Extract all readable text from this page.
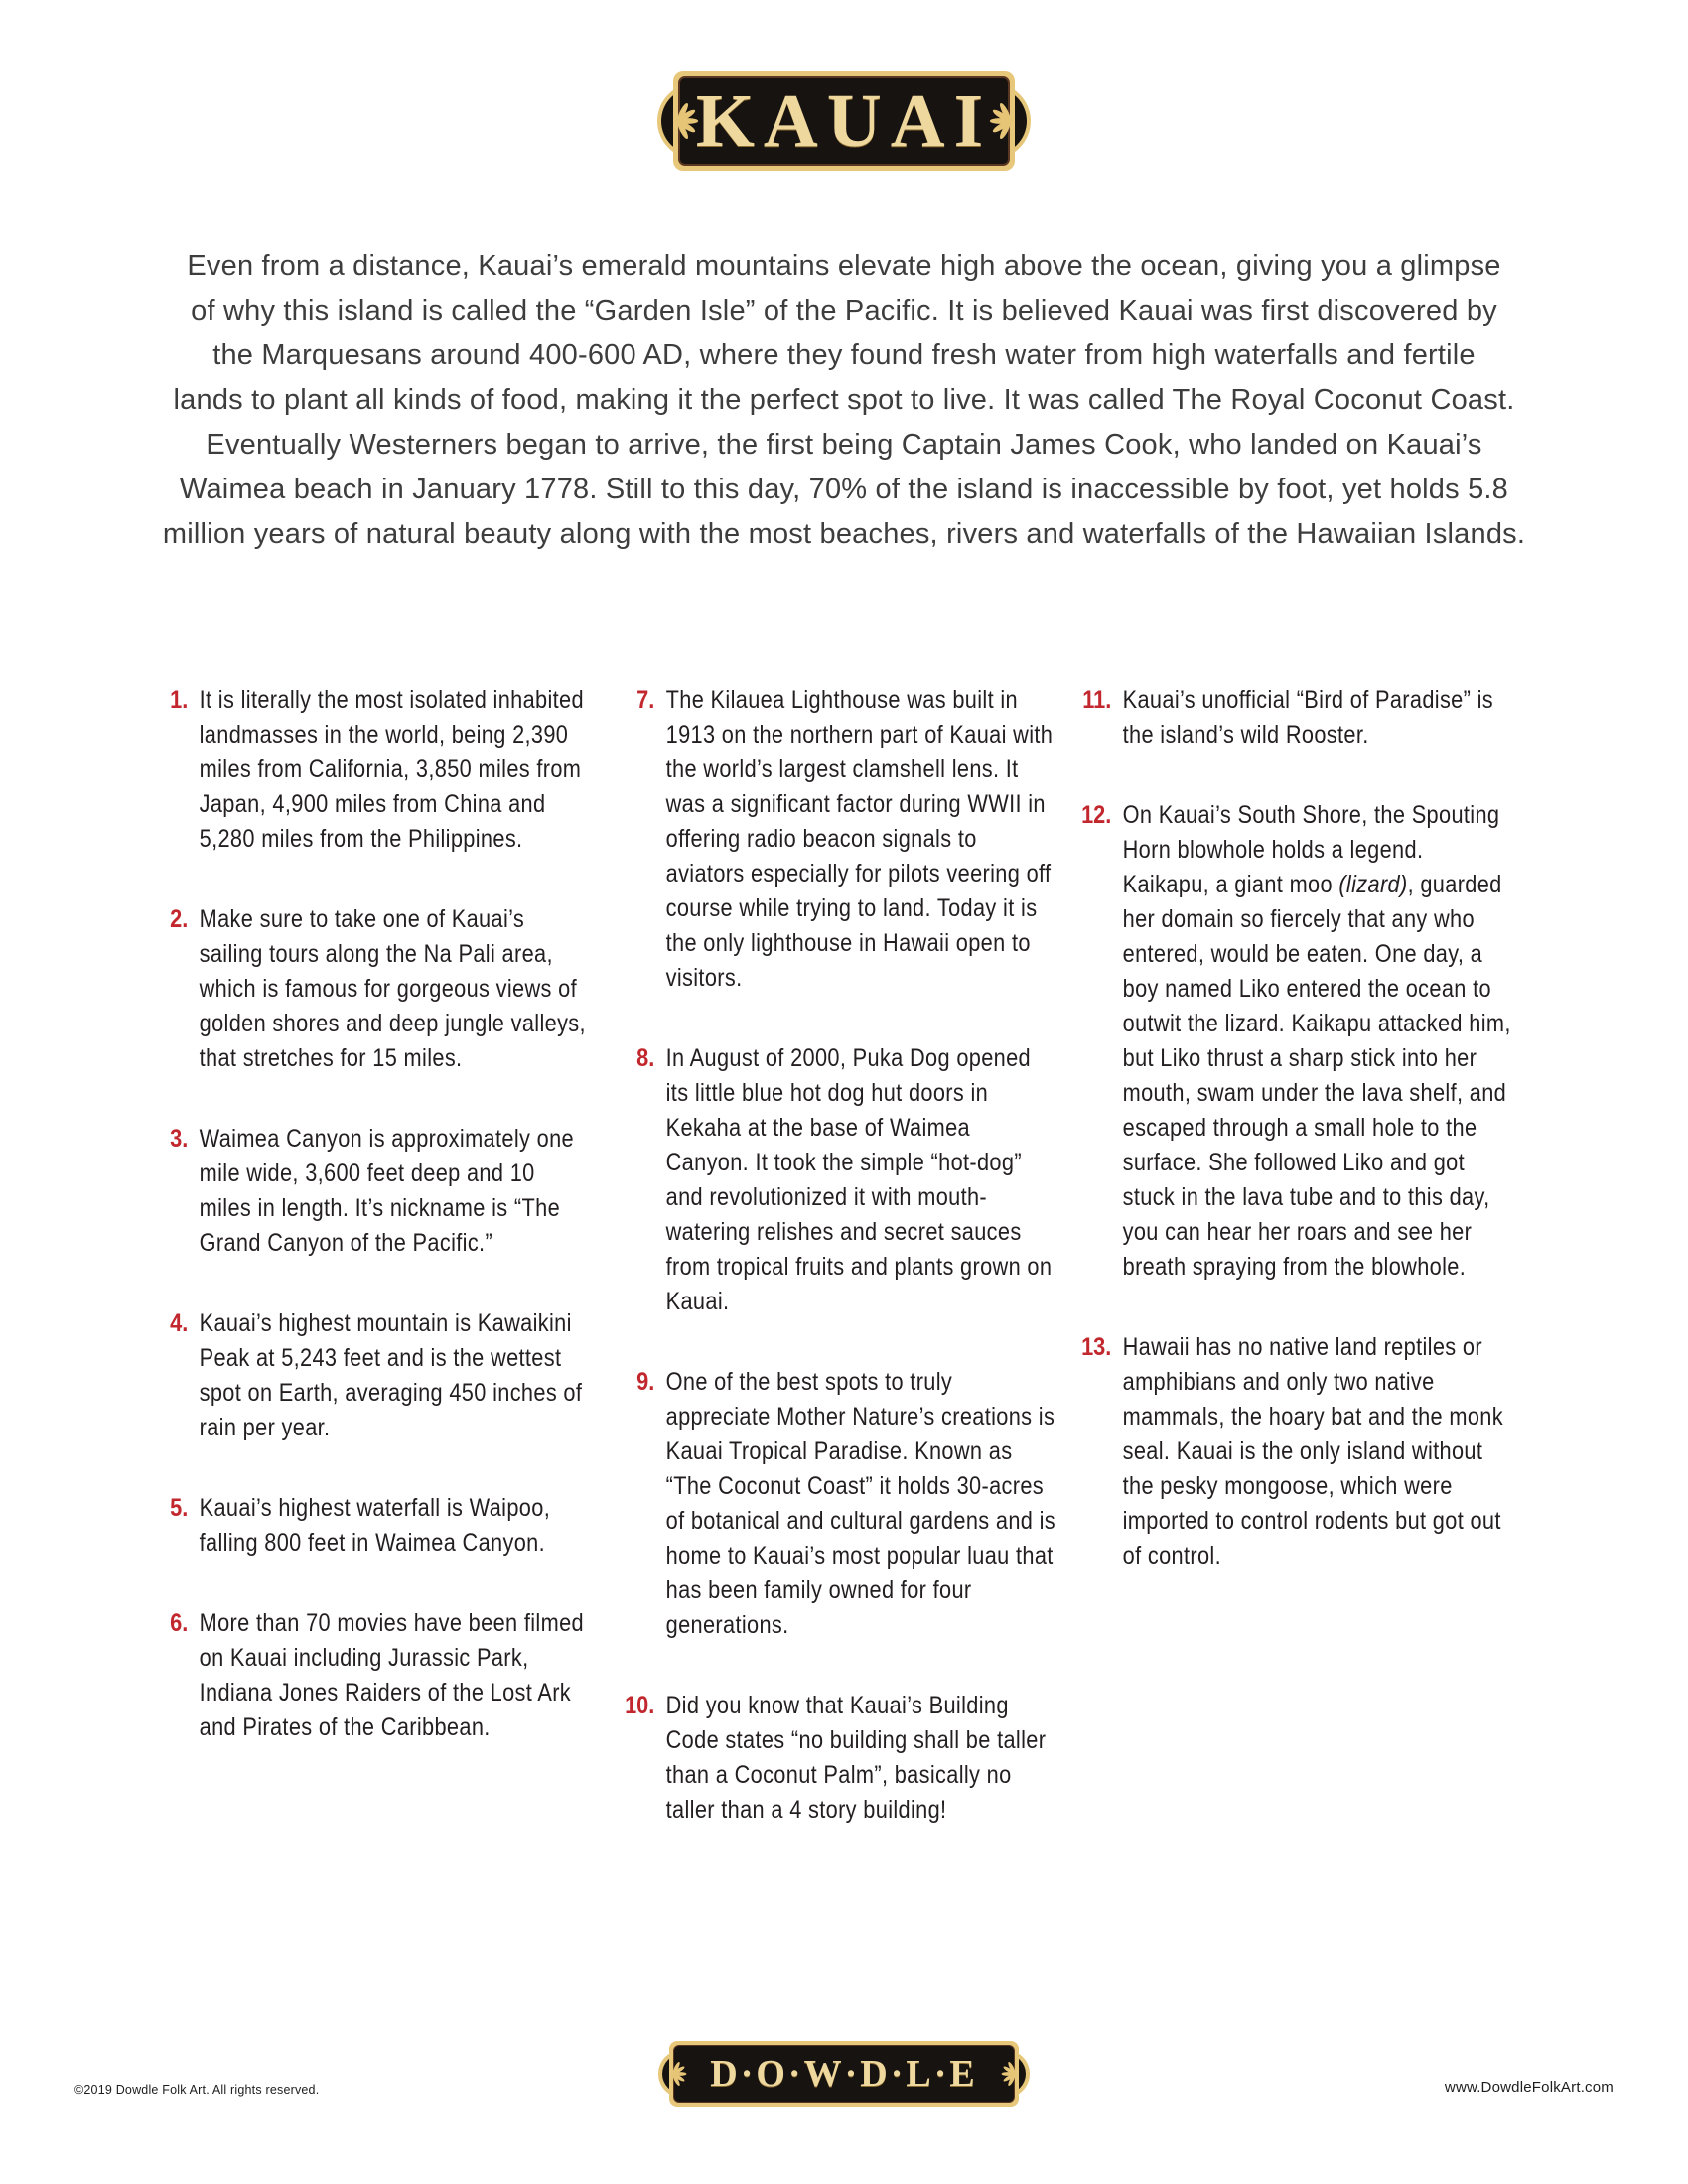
KAUAI
Even from a distance, Kauai’s emerald mountains elevate high above the ocean, giving you a glimpse
of why this island is called the “Garden Isle” of the Pacific. It is believed Kauai was first discovered by
the Marquesans around 400-600 AD, where they found fresh water from high waterfalls and fertile
lands to plant all kinds of food, making it the perfect spot to live. It was called The Royal Coconut Coast.
Eventually Westerners began to arrive, the first being Captain James Cook, who landed on Kauai’s
Waimea beach in January 1778. Still to this day, 70% of the island is inaccessible by foot, yet holds 5.8
million years of natural beauty along with the most beaches, rivers and waterfalls of the Hawaiian Islands.
1. It is literally the most isolated inhabited landmasses in the world, being 2,390 miles from California, 3,850 miles from Japan, 4,900 miles from China and 5,280 miles from the Philippines.
2. Make sure to take one of Kauai’s sailing tours along the Na Pali area, which is famous for gorgeous views of golden shores and deep jungle valleys, that stretches for 15 miles.
3. Waimea Canyon is approximately one mile wide, 3,600 feet deep and 10 miles in length. It’s nickname is “The Grand Canyon of the Pacific.”
4. Kauai’s highest mountain is Kawaikini Peak at 5,243 feet and is the wettest spot on Earth, averaging 450 inches of rain per year.
5. Kauai’s highest waterfall is Waipoo, falling 800 feet in Waimea Canyon.
6. More than 70 movies have been filmed on Kauai including Jurassic Park, Indiana Jones Raiders of the Lost Ark and Pirates of the Caribbean.
7. The Kilauea Lighthouse was built in 1913 on the northern part of Kauai with the world’s largest clamshell lens. It was a significant factor during WWII in offering radio beacon signals to aviators especially for pilots veering off course while trying to land. Today it is the only lighthouse in Hawaii open to visitors.
8. In August of 2000, Puka Dog opened its little blue hot dog hut doors in Kekaha at the base of Waimea Canyon. It took the simple “hot-dog” and revolutionized it with mouth-watering relishes and secret sauces from tropical fruits and plants grown on Kauai.
9. One of the best spots to truly appreciate Mother Nature’s creations is Kauai Tropical Paradise. Known as “The Coconut Coast” it holds 30-acres of botanical and cultural gardens and is home to Kauai’s most popular luau that has been family owned for four generations.
10. Did you know that Kauai’s Building Code states “no building shall be taller than a Coconut Palm”, basically no taller than a 4 story building!
11. Kauai’s unofficial “Bird of Paradise” is the island’s wild Rooster.
12. On Kauai’s South Shore, the Spouting Horn blowhole holds a legend. Kaikapu, a giant moo (lizard), guarded her domain so fiercely that any who entered, would be eaten. One day, a boy named Liko entered the ocean to outwit the lizard. Kaikapu attacked him, but Liko thrust a sharp stick into her mouth, swam under the lava shelf, and escaped through a small hole to the surface. She followed Liko and got stuck in the lava tube and to this day, you can hear her roars and see her breath spraying from the blowhole.
13. Hawaii has no native land reptiles or amphibians and only two native mammals, the hoary bat and the monk seal. Kauai is the only island without the pesky mongoose, which were imported to control rodents but got out of control.
D·O·W·D·L·E
©2019 Dowdle Folk Art. All rights reserved.	www.DowdleFolkArt.com
